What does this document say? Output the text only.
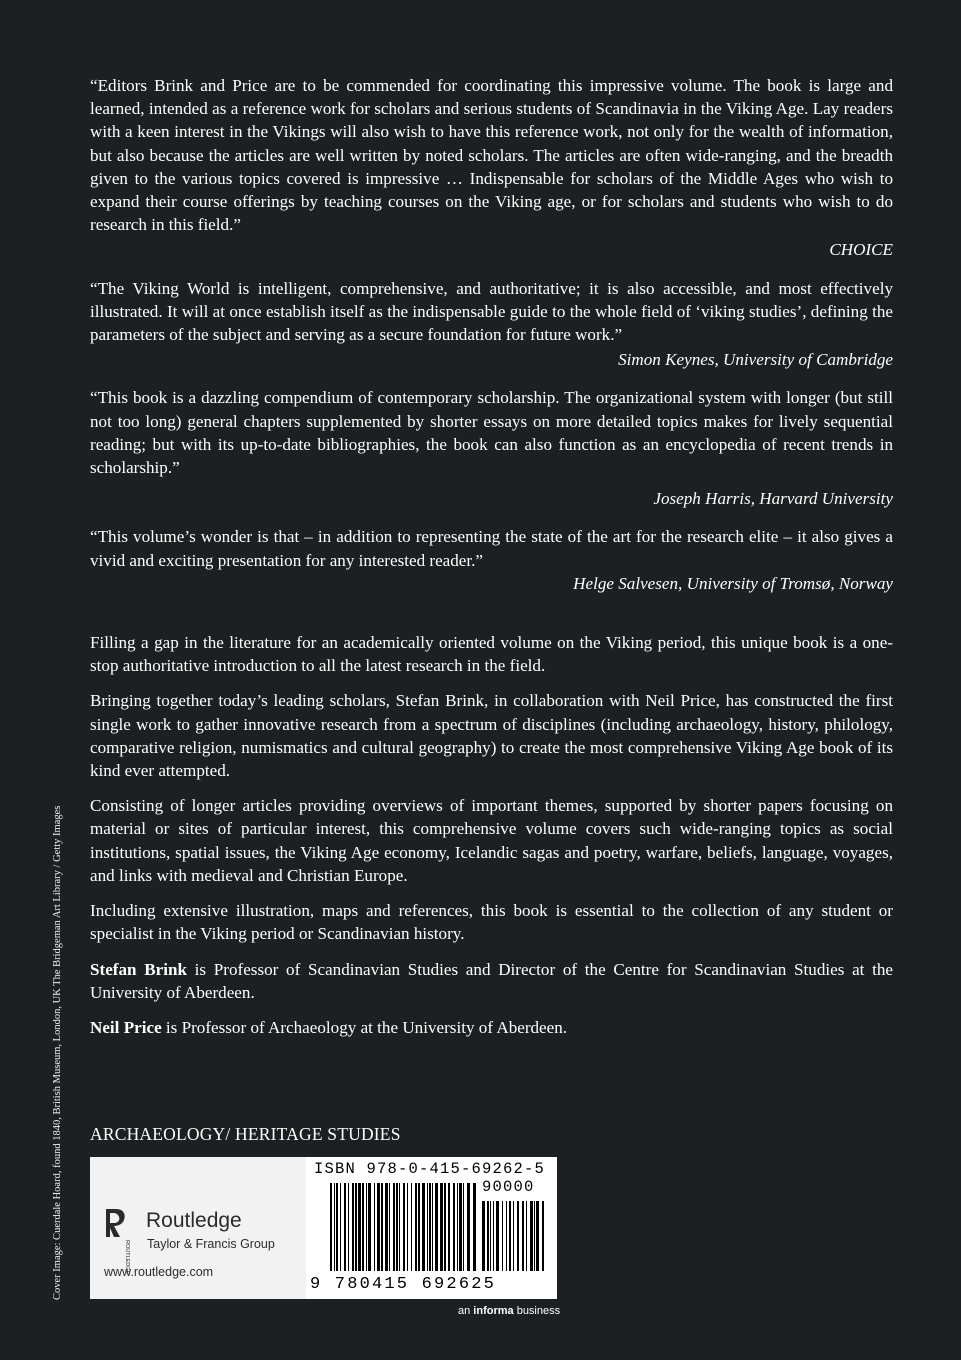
“Editors Brink and Price are to be commended for coordinating this impressive volume. The book is large and learned, intended as a reference work for scholars and serious students of Scandinavia in the Viking Age. Lay readers with a keen interest in the Vikings will also wish to have this reference work, not only for the wealth of information, but also because the articles are well written by noted scholars. The articles are often wide-ranging, and the breadth given to the various topics covered is impressive … Indispensable for scholars of the Middle Ages who wish to expand their course offerings by teaching courses on the Viking age, or for scholars and students who wish to do research in this field.”

CHOICE

“The Viking World is intelligent, comprehensive, and authoritative; it is also accessible, and most effectively illustrated. It will at once establish itself as the indispensable guide to the whole field of ‘viking studies’, defining the parameters of the subject and serving as a secure foundation for future work.”

Simon Keynes, University of Cambridge

“This book is a dazzling compendium of contemporary scholarship. The organizational system with longer (but still not too long) general chapters supplemented by shorter essays on more detailed topics makes for lively sequential reading; but with its up-to-date bibliographies, the book can also function as an encyclopedia of recent trends in scholarship.”

Joseph Harris, Harvard University

“This volume’s wonder is that – in addition to representing the state of the art for the research elite – it also gives a vivid and exciting presentation for any interested reader.”

Helge Salvesen, University of Tromsø, Norway

Filling a gap in the literature for an academically oriented volume on the Viking period, this unique book is a one-stop authoritative introduction to all the latest research in the field.

Bringing together today’s leading scholars, Stefan Brink, in collaboration with Neil Price, has constructed the first single work to gather innovative research from a spectrum of disciplines (including archaeology, history, philology, comparative religion, numismatics and cultural geography) to create the most comprehensive Viking Age book of its kind ever attempted.

Consisting of longer articles providing overviews of important themes, supported by shorter papers focusing on material or sites of particular interest, this comprehensive volume covers such wide-ranging topics as social institutions, spatial issues, the Viking Age economy, Icelandic sagas and poetry, warfare, beliefs, language, voyages, and links with medieval and Christian Europe.

Including extensive illustration, maps and references, this book is essential to the collection of any student or specialist in the Viking period or Scandinavian history.

Stefan Brink is Professor of Scandinavian Studies and Director of the Centre for Scandinavian Studies at the University of Aberdeen.

Neil Price is Professor of Archaeology at the University of Aberdeen.

ARCHAEOLOGY/ HERITAGE STUDIES
Cover Image: Cuerdale Hoard, found 1840, British Museum, London, UK The Bridgeman Art Library / Getty Images	ROUTLEDGE
Routledge
Taylor & Francis Group
www.routledge.com
ISBN 978-0-415-69262-5
90000
9 780415 692625
an informa business
